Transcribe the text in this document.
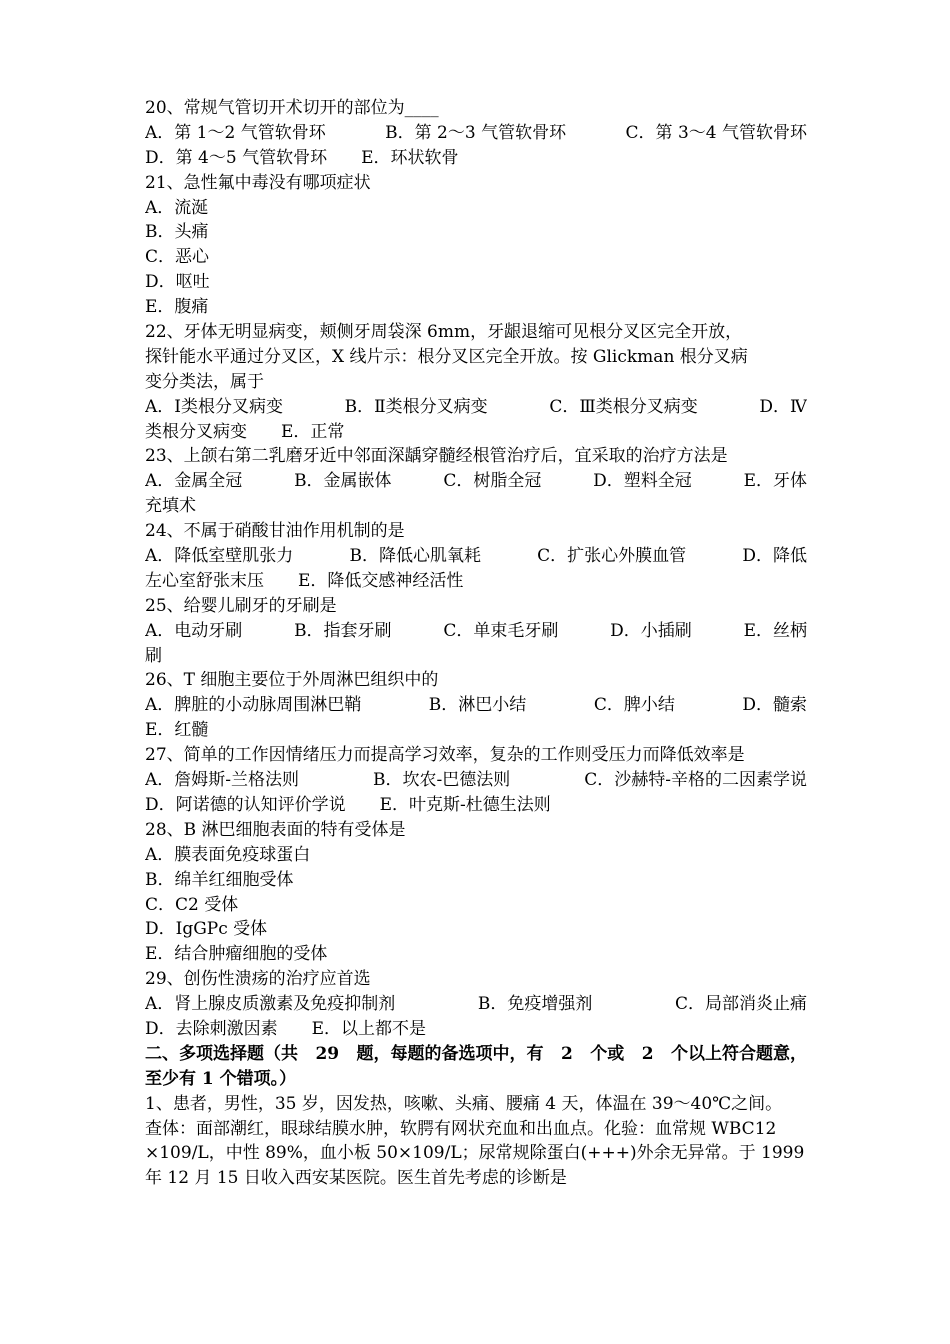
20、常规气管切开术切开的部位为____
A．第 1～2 气管软骨环	B．第 2～3 气管软骨环	C．第 3～4 气管软骨环
D．第 4～5 气管软骨环　　E．环状软骨
21、急性氟中毒没有哪项症状
A．流涎
B．头痛
C．恶心
D．呕吐
E．腹痛
22、牙体无明显病变，颊侧牙周袋深 6mm，牙龈退缩可见根分叉区完全开放，
探针能水平通过分叉区，X 线片示：根分叉区完全开放。按 Glickman 根分叉病
变分类法，属于
A．Ⅰ类根分叉病变	B．Ⅱ类根分叉病变	C．Ⅲ类根分叉病变	D．Ⅳ
类根分叉病变　　E．正常
23、上颌右第二乳磨牙近中邻面深龋穿髓经根管治疗后，宜采取的治疗方法是
A．金属全冠	B．金属嵌体	C．树脂全冠	D．塑料全冠	E．牙体
充填术
24、不属于硝酸甘油作用机制的是
A．降低室壁肌张力	B．降低心肌氧耗	C．扩张心外膜血管	D．降低
左心室舒张末压　　E．降低交感神经活性
25、给婴儿刷牙的牙刷是
A．电动牙刷	B．指套牙刷	C．单束毛牙刷	D．小插刷	E．丝柄
刷
26、T 细胞主要位于外周淋巴组织中的
A．脾脏的小动脉周围淋巴鞘	B．淋巴小结	C．脾小结	D．髓索
E．红髓
27、简单的工作因情绪压力而提高学习效率，复杂的工作则受压力而降低效率是
A．詹姆斯-兰格法则	B．坎农-巴德法则	C．沙赫特-辛格的二因素学说
D．阿诺德的认知评价学说　　E．叶克斯-杜德生法则
28、B 淋巴细胞表面的特有受体是
A．膜表面免疫球蛋白
B．绵羊红细胞受体
C．C2 受体
D．IgGPc 受体
E．结合肿瘤细胞的受体
29、创伤性溃疡的治疗应首选
A．肾上腺皮质激素及免疫抑制剂	B．免疫增强剂	C．局部消炎止痛
D．去除刺激因素　　E．以上都不是
二、多项选择题（共 29 题，每题的备选项中，有 2 个或 2 个以上符合题意，
至少有 1 个错项。）
1、患者，男性，35 岁，因发热，咳嗽、头痛、腰痛 4 天，体温在 39～40℃之间。
查体：面部潮红，眼球结膜水肿，软腭有网状充血和出血点。化验：血常规 WBC12
×109/L，中性 89%，血小板 50×109/L；尿常规除蛋白(+++)外余无异常。于 1999
年 12 月 15 日收入西安某医院。医生首先考虑的诊断是
